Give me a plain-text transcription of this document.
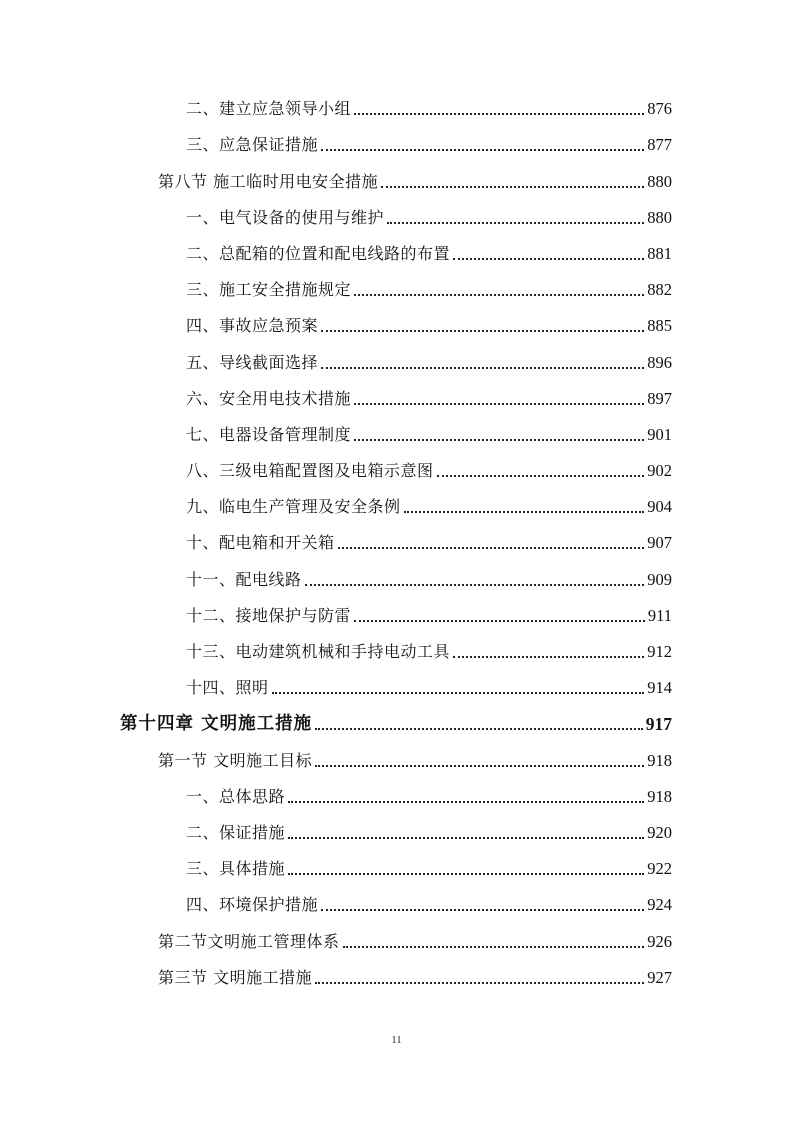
二、建立应急领导小组	876
三、应急保证措施	877
第八节 施工临时用电安全措施	880
一、电气设备的使用与维护	880
二、总配箱的位置和配电线路的布置	881
三、施工安全措施规定	882
四、事故应急预案	885
五、导线截面选择	896
六、安全用电技术措施	897
七、电器设备管理制度	901
八、三级电箱配置图及电箱示意图	902
九、临电生产管理及安全条例	904
十、配电箱和开关箱	907
十一、配电线路	909
十二、接地保护与防雷	911
十三、电动建筑机械和手持电动工具	912
十四、照明	914
第十四章 文明施工措施	917
第一节 文明施工目标	918
一、总体思路	918
二、保证措施	920
三、具体措施	922
四、环境保护措施	924
第二节文明施工管理体系	926
第三节 文明施工措施	927
11
